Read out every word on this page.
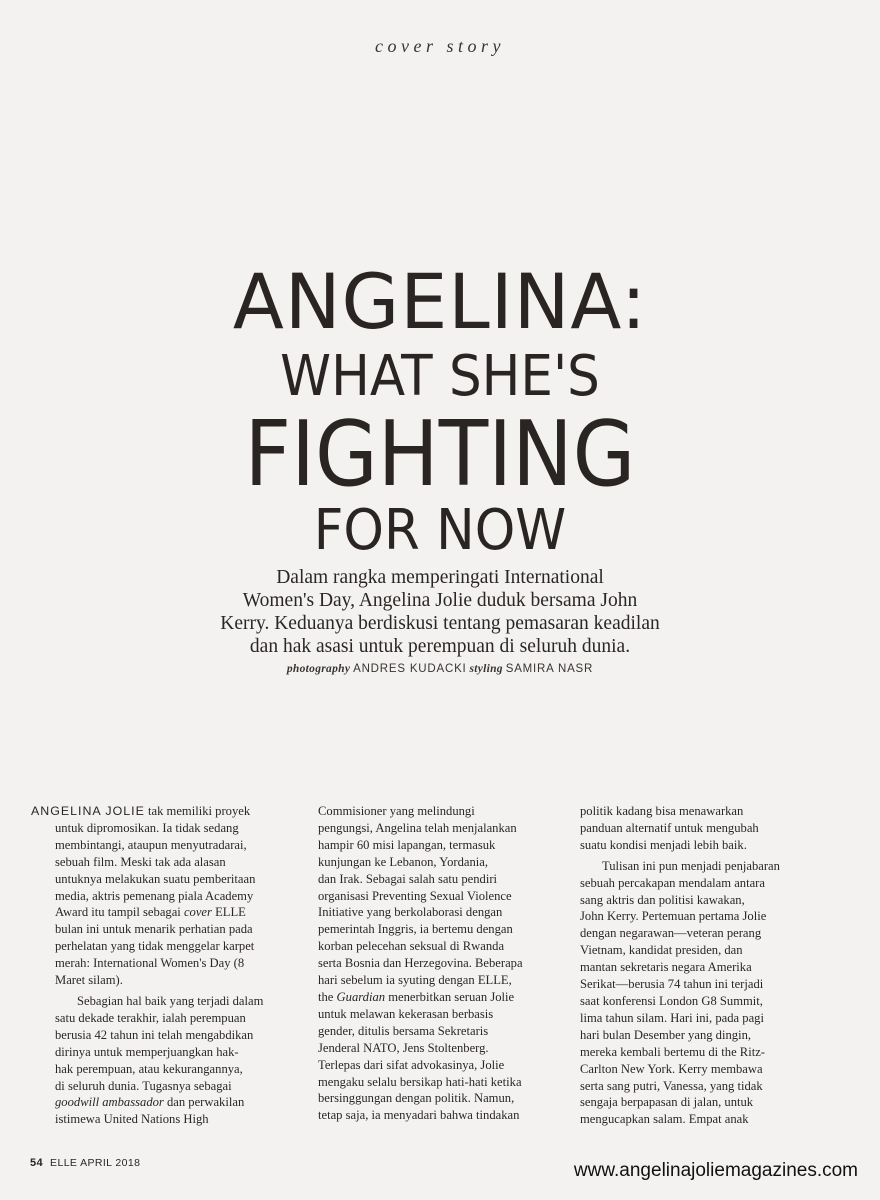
cover story
ANGELINA:
WHAT SHE'S
FIGHTING
FOR NOW
Dalam rangka memperingati International
Women's Day, Angelina Jolie duduk bersama John
Kerry. Keduanya berdiskusi tentang pemasaran keadilan
dan hak asasi untuk perempuan di seluruh dunia.
photography ANDRES KUDACKI styling SAMIRA NASR
ANGELINA JOLIE tak memiliki proyek
untuk dipromosikan. Ia tidak sedang
membintangi, ataupun menyutradarai,
sebuah film. Meski tak ada alasan
untuknya melakukan suatu pemberitaan
media, aktris pemenang piala Academy
Award itu tampil sebagai cover ELLE
bulan ini untuk menarik perhatian pada
perhelatan yang tidak menggelar karpet
merah: International Women's Day (8
Maret silam).
Sebagian hal baik yang terjadi dalam
satu dekade terakhir, ialah perempuan
berusia 42 tahun ini telah mengabdikan
dirinya untuk memperjuangkan hak-
hak perempuan, atau kekurangannya,
di seluruh dunia. Tugasnya sebagai
goodwill ambassador dan perwakilan
istimewa United Nations High
Commisioner yang melindungi
pengungsi, Angelina telah menjalankan
hampir 60 misi lapangan, termasuk
kunjungan ke Lebanon, Yordania,
dan Irak. Sebagai salah satu pendiri
organisasi Preventing Sexual Violence
Initiative yang berkolaborasi dengan
pemerintah Inggris, ia bertemu dengan
korban pelecehan seksual di Rwanda
serta Bosnia dan Herzegovina. Beberapa
hari sebelum ia syuting dengan ELLE,
the Guardian menerbitkan seruan Jolie
untuk melawan kekerasan berbasis
gender, ditulis bersama Sekretaris
Jenderal NATO, Jens Stoltenberg.
Terlepas dari sifat advokasinya, Jolie
mengaku selalu bersikap hati-hati ketika
bersinggungan dengan politik. Namun,
tetap saja, ia menyadari bahwa tindakan
politik kadang bisa menawarkan
panduan alternatif untuk mengubah
suatu kondisi menjadi lebih baik.
Tulisan ini pun menjadi penjabaran
sebuah percakapan mendalam antara
sang aktris dan politisi kawakan,
John Kerry. Pertemuan pertama Jolie
dengan negarawan—veteran perang
Vietnam, kandidat presiden, dan
mantan sekretaris negara Amerika
Serikat—berusia 74 tahun ini terjadi
saat konferensi London G8 Summit,
lima tahun silam. Hari ini, pada pagi
hari bulan Desember yang dingin,
mereka kembali bertemu di the Ritz-
Carlton New York. Kerry membawa
serta sang putri, Vanessa, yang tidak
sengaja berpapasan di jalan, untuk
mengucapkan salam. Empat anak
54 ELLE APRIL 2018	www.angelinajoliemagazines.com
